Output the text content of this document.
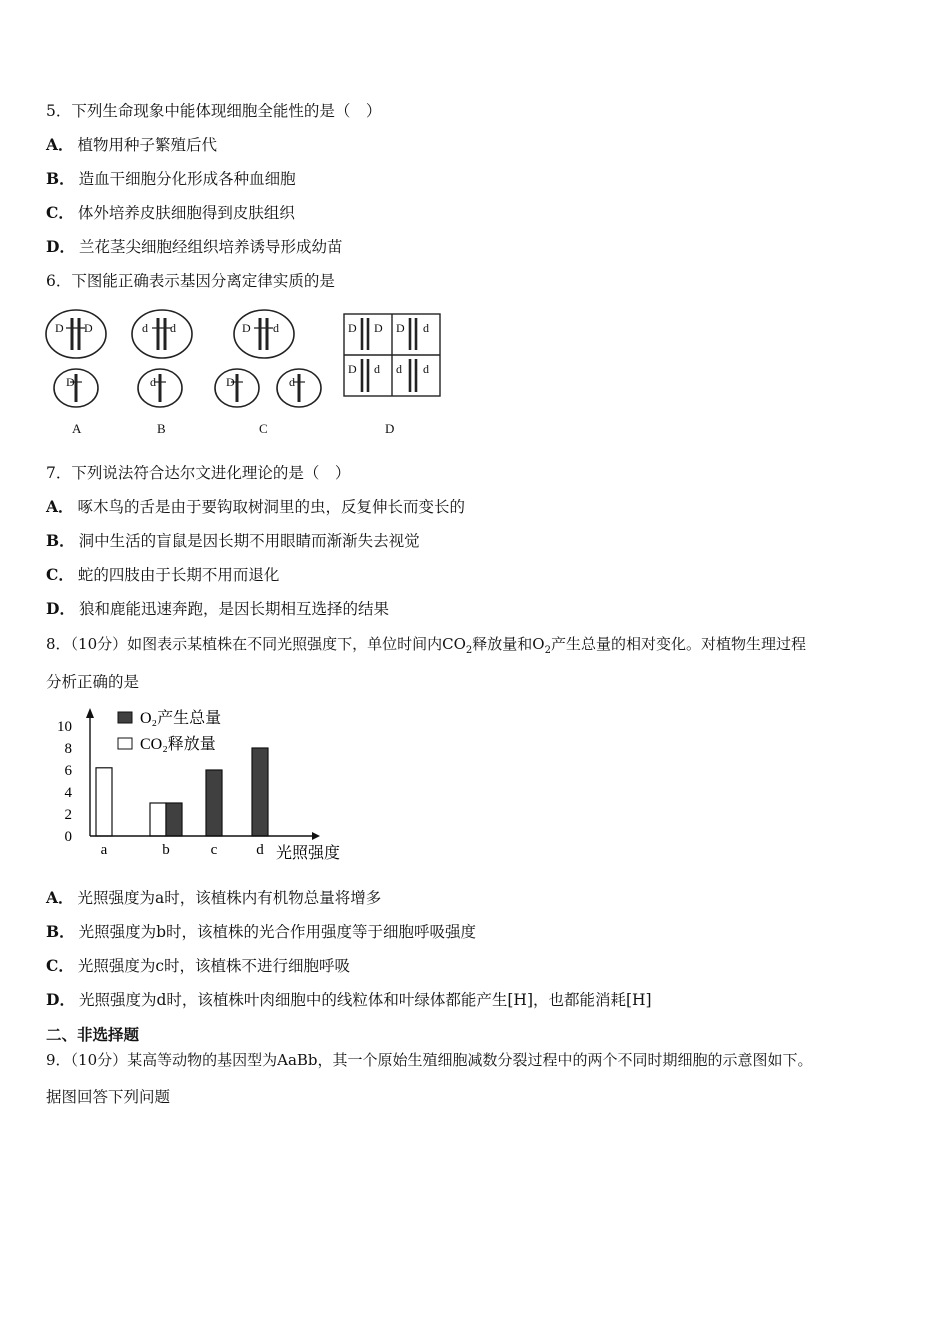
5．下列生命现象中能体现细胞全能性的是（　）
A． 植物用种子繁殖后代
B． 造血干细胞分化形成各种血细胞
C． 体外培养皮肤细胞得到皮肤组织
D． 兰花茎尖细胞经组织培养诱导形成幼苗
6．下图能正确表示基因分离定律实质的是
D D
D
d d
d
D d
D	d
D D D d
D d d d
A	B	C	D
7．下列说法符合达尔文进化理论的是（　）
A． 啄木鸟的舌是由于要钩取树洞里的虫，反复伸长而变长的
B． 洞中生活的盲鼠是因长期不用眼睛而渐渐失去视觉
C． 蛇的四肢由于长期不用而退化
D． 狼和鹿能迅速奔跑，是因长期相互选择的结果
8．（10分）如图表示某植株在不同光照强度下，单位时间内$CO_2$释放量和$O_2$产生总量的相对变化。对植物生理过程
分析正确的是
0
2
4
6
8
10
a	b	c	d 光照强度
O₂产生总量
CO₂释放量
A． 光照强度为a时，该植株内有机物总量将增多
B． 光照强度为b时，该植株的光合作用强度等于细胞呼吸强度
C． 光照强度为c时，该植株不进行细胞呼吸
D． 光照强度为d时，该植株叶肉细胞中的线粒体和叶绿体都能产生[H]，也都能消耗[H]
二、非选择题
9．（10分）某高等动物的基因型为AaBb，其一个原始生殖细胞减数分裂过程中的两个不同时期细胞的示意图如下。
据图回答下列问题
